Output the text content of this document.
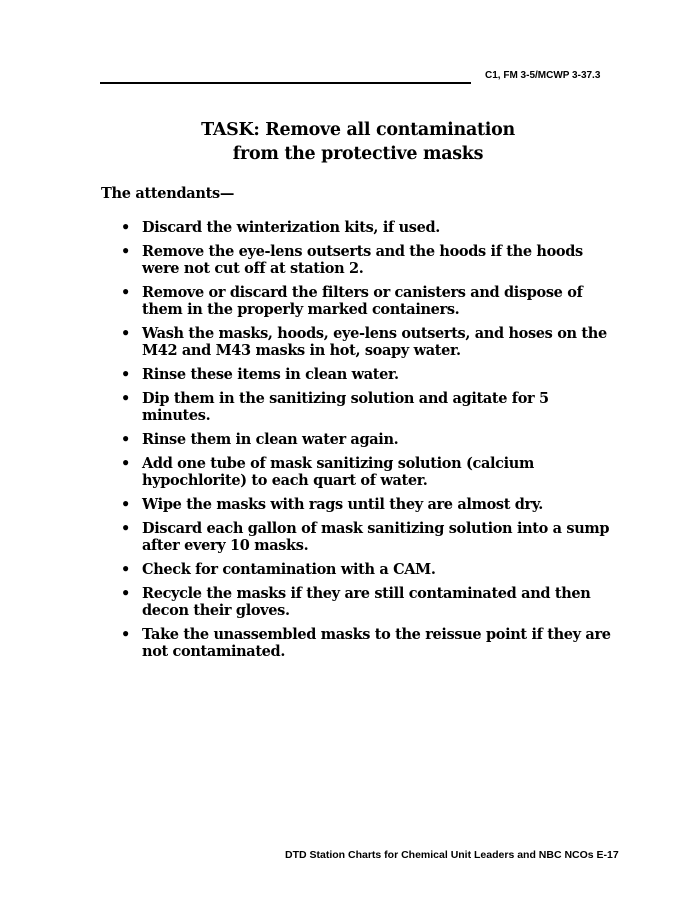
C1, FM 3-5/MCWP 3-37.3
TASK: Remove all contamination
from the protective masks
The attendants—
• Discard the winterization kits, if used.
• Remove the eye-lens outserts and the hoods if the hoods were not cut off at station 2.
• Remove or discard the filters or canisters and dispose of them in the properly marked containers.
• Wash the masks, hoods, eye-lens outserts, and hoses on the M42 and M43 masks in hot, soapy water.
• Rinse these items in clean water.
• Dip them in the sanitizing solution and agitate for 5 minutes.
• Rinse them in clean water again.
• Add one tube of mask sanitizing solution (calcium hypochlorite) to each quart of water.
• Wipe the masks with rags until they are almost dry.
• Discard each gallon of mask sanitizing solution into a sump after every 10 masks.
• Check for contamination with a CAM.
• Recycle the masks if they are still contaminated and then decon their gloves.
• Take the unassembled masks to the reissue point if they are not contaminated.
DTD Station Charts for Chemical Unit Leaders and NBC NCOs E-17
